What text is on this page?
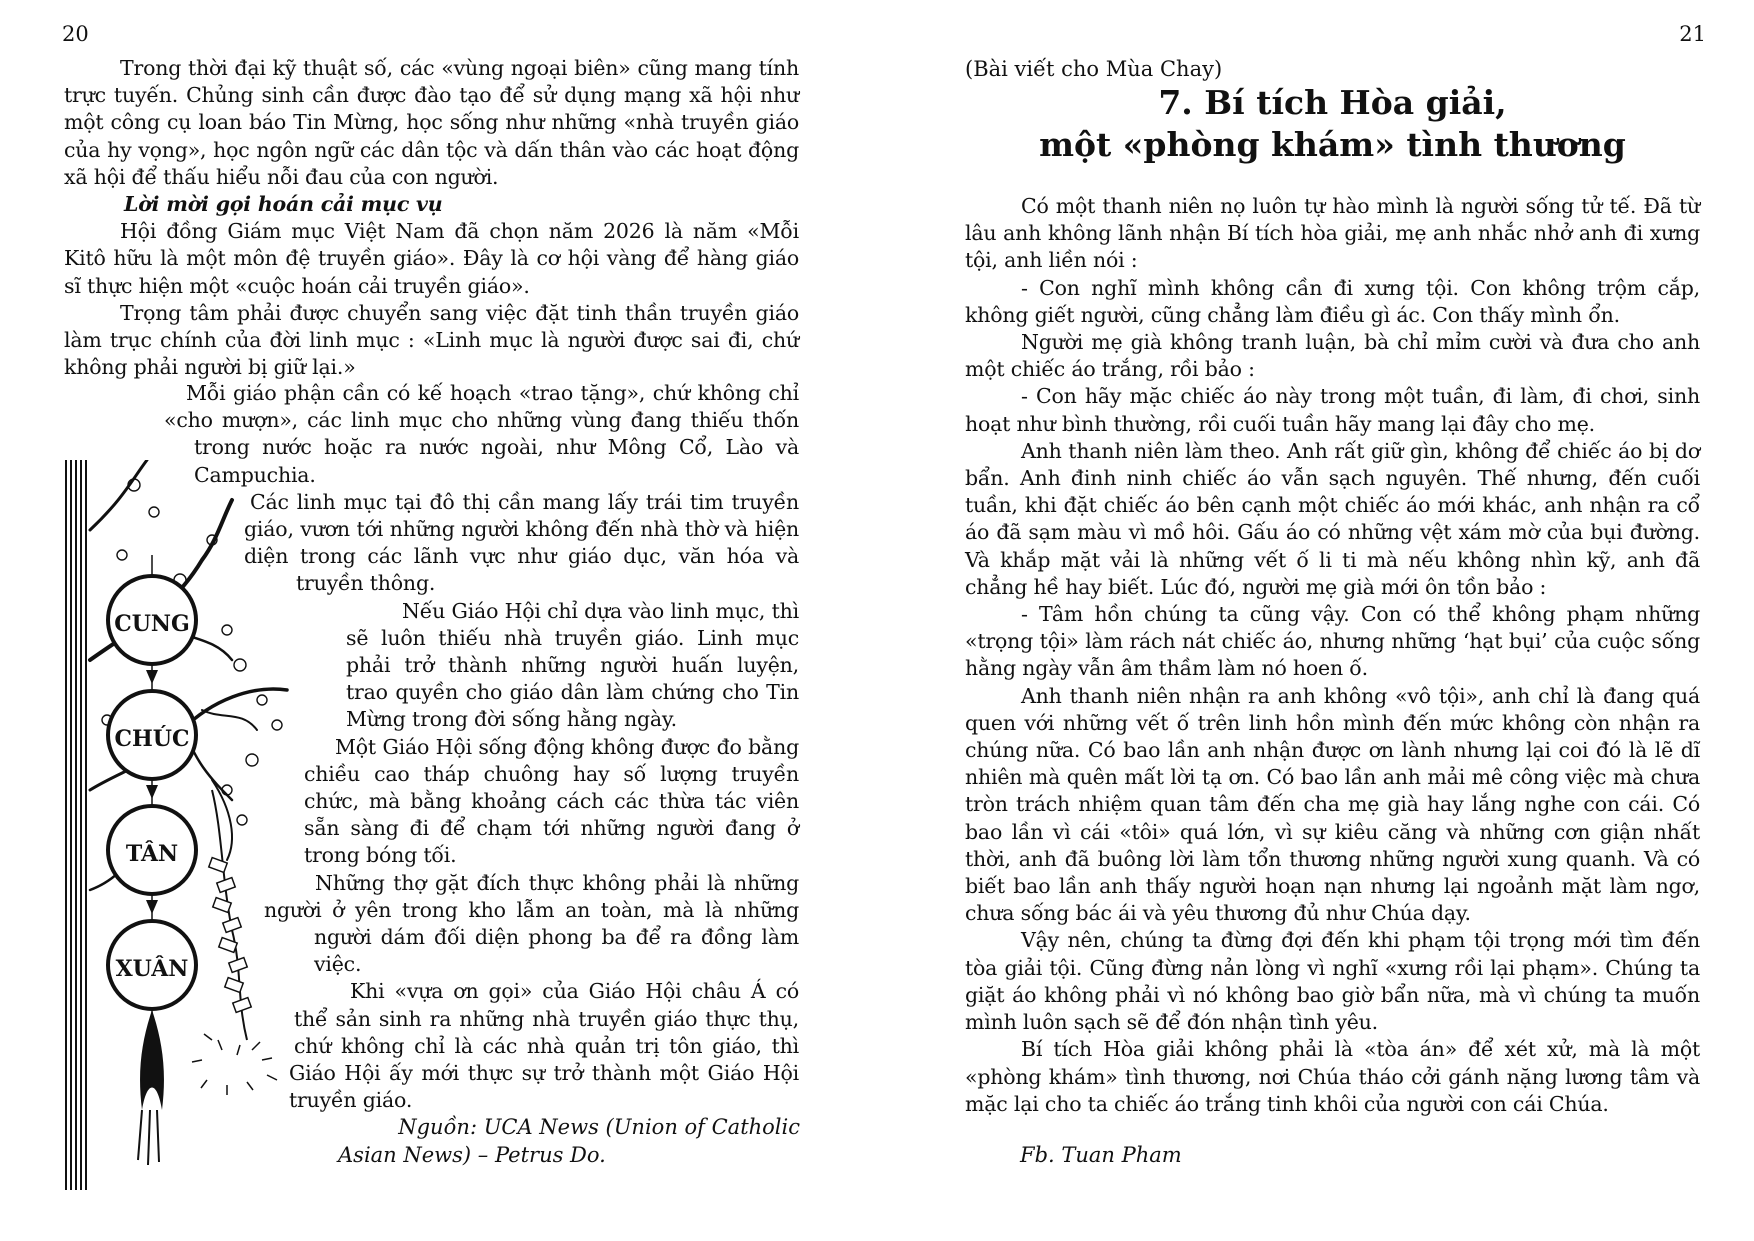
20

Trong thời đại kỹ thuật số, các «vùng ngoại biên» cũng mang tính trực tuyến. Chủng sinh cần được đào tạo để sử dụng mạng xã hội như một công cụ loan báo Tin Mừng, học sống như những «nhà truyền giáo của hy vọng», học ngôn ngữ các dân tộc và dấn thân vào các hoạt động xã hội để thấu hiểu nỗi đau của con người.

Lời mời gọi hoán cải mục vụ

Hội đồng Giám mục Việt Nam đã chọn năm 2026 là năm «Mỗi Kitô hữu là một môn đệ truyền giáo». Đây là cơ hội vàng để hàng giáo sĩ thực hiện một «cuộc hoán cải truyền giáo».

Trọng tâm phải được chuyển sang việc đặt tinh thần truyền giáo làm trục chính của đời linh mục : «Linh mục là người được sai đi, chứ không phải người bị giữ lại.»

Mỗi giáo phận cần có kế hoạch «trao tặng», chứ không chỉ «cho mượn», các linh mục cho những vùng đang thiếu thốn trong nước hoặc ra nước ngoài, như Mông Cổ, Lào và Campuchia.

Các linh mục tại đô thị cần mang lấy trái tim truyền giáo, vươn tới những người không đến nhà thờ và hiện diện trong các lãnh vực như giáo dục, văn hóa và truyền thông.

Nếu Giáo Hội chỉ dựa vào linh mục, thì sẽ luôn thiếu nhà truyền giáo. Linh mục phải trở thành những người huấn luyện, trao quyền cho giáo dân làm chứng cho Tin Mừng trong đời sống hằng ngày.

Một Giáo Hội sống động không được đo bằng chiều cao tháp chuông hay số lượng truyền chức, mà bằng khoảng cách các thừa tác viên sẵn sàng đi để chạm tới những người đang ở trong bóng tối.

Những thợ gặt đích thực không phải là những người ở yên trong kho lẫm an toàn, mà là những người dám đối diện phong ba để ra đồng làm việc.

Khi «vựa ơn gọi» của Giáo Hội châu Á có thể sản sinh ra những nhà truyền giáo thực thụ, chứ không chỉ là các nhà quản trị tôn giáo, thì Giáo Hội ấy mới thực sự trở thành một Giáo Hội truyền giáo.

CUNG
CHÚC
TÂN
XUÂN
Nguồn: UCA News (Union of Catholic
Asian News) – Petrus Do.
21
(Bài viết cho Mùa Chay)
7. Bí tích Hòa giải,
một «phòng khám» tình thương

Có một thanh niên nọ luôn tự hào mình là người sống tử tế. Đã từ lâu anh không lãnh nhận Bí tích hòa giải, mẹ anh nhắc nhở anh đi xưng tội, anh liền nói :

- Con nghĩ mình không cần đi xưng tội. Con không trộm cắp, không giết người, cũng chẳng làm điều gì ác. Con thấy mình ổn.

Người mẹ già không tranh luận, bà chỉ mỉm cười và đưa cho anh một chiếc áo trắng, rồi bảo :

- Con hãy mặc chiếc áo này trong một tuần, đi làm, đi chơi, sinh hoạt như bình thường, rồi cuối tuần hãy mang lại đây cho mẹ.

Anh thanh niên làm theo. Anh rất giữ gìn, không để chiếc áo bị dơ bẩn. Anh đinh ninh chiếc áo vẫn sạch nguyên. Thế nhưng, đến cuối tuần, khi đặt chiếc áo bên cạnh một chiếc áo mới khác, anh nhận ra cổ áo đã sạm màu vì mồ hôi. Gấu áo có những vệt xám mờ của bụi đường. Và khắp mặt vải là những vết ố li ti mà nếu không nhìn kỹ, anh đã chẳng hề hay biết. Lúc đó, người mẹ già mới ôn tồn bảo :

- Tâm hồn chúng ta cũng vậy. Con có thể không phạm những «trọng tội» làm rách nát chiếc áo, nhưng những ‘hạt bụi’ của cuộc sống hằng ngày vẫn âm thầm làm nó hoen ố.

Anh thanh niên nhận ra anh không «vô tội», anh chỉ là đang quá quen với những vết ố trên linh hồn mình đến mức không còn nhận ra chúng nữa. Có bao lần anh nhận được ơn lành nhưng lại coi đó là lẽ dĩ nhiên mà quên mất lời tạ ơn. Có bao lần anh mải mê công việc mà chưa tròn trách nhiệm quan tâm đến cha mẹ già hay lắng nghe con cái. Có bao lần vì cái «tôi» quá lớn, vì sự kiêu căng và những cơn giận nhất thời, anh đã buông lời làm tổn thương những người xung quanh. Và có biết bao lần anh thấy người hoạn nạn nhưng lại ngoảnh mặt làm ngơ, chưa sống bác ái và yêu thương đủ như Chúa dạy.

Vậy nên, chúng ta đừng đợi đến khi phạm tội trọng mới tìm đến tòa giải tội. Cũng đừng nản lòng vì nghĩ «xưng rồi lại phạm». Chúng ta giặt áo không phải vì nó không bao giờ bẩn nữa, mà vì chúng ta muốn mình luôn sạch sẽ để đón nhận tình yêu.

Bí tích Hòa giải không phải là «tòa án» để xét xử, mà là một «phòng khám» tình thương, nơi Chúa tháo cởi gánh nặng lương tâm và mặc lại cho ta chiếc áo trắng tinh khôi của người con cái Chúa.

Fb. Tuan Pham
